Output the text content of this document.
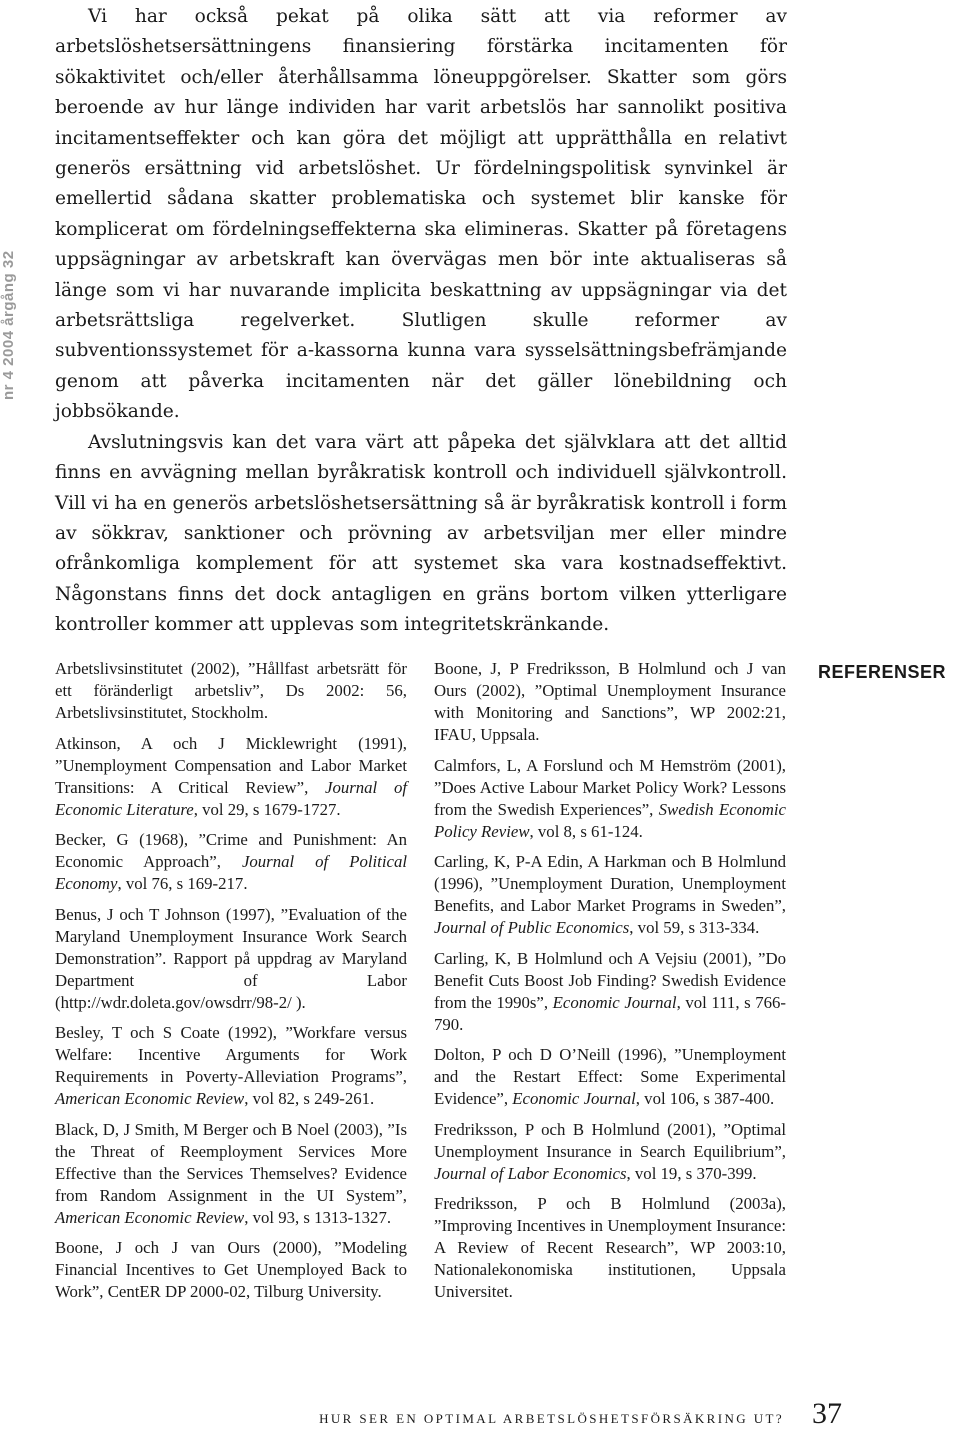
nr 4 2004 årgång 32

Vi har också pekat på olika sätt att via reformer av arbetslöshetsersättningens finansiering förstärka incitamenten för sökaktivitet och/eller återhållsamma löneuppgörelser. Skatter som görs beroende av hur länge individen har varit arbetslös har sannolikt positiva incitamentseffekter och kan göra det möjligt att upprätthålla en relativt generös ersättning vid arbetslöshet. Ur fördelningspolitisk synvinkel är emellertid sådana skatter problematiska och systemet blir kanske för komplicerat om fördelningseffekterna ska elimineras. Skatter på företagens uppsägningar av arbetskraft kan övervägas men bör inte aktualiseras så länge som vi har nuvarande implicita beskattning av uppsägningar via det arbetsrättsliga regelverket. Slutligen skulle reformer av subventionssystemet för a-kassorna kunna vara sysselsättningsbefrämjande genom att påverka incitamenten när det gäller lönebildning och jobbsökande.

Avslutningsvis kan det vara värt att påpeka det självklara att det alltid finns en avvägning mellan byråkratisk kontroll och individuell självkontroll. Vill vi ha en generös arbetslöshetsersättning så är byråkratisk kontroll i form av sökkrav, sanktioner och prövning av arbetsviljan mer eller mindre ofrånkomliga komplement för att systemet ska vara kostnadseffektivt. Någonstans finns det dock antagligen en gräns bortom vilken ytterligare kontroller kommer att upplevas som integritetskränkande.

Arbetslivsinstitutet (2002), ”Hållfast arbetsrätt för ett föränderligt arbetsliv”, Ds 2002: 56, Arbetslivsinstitutet, Stockholm.

Atkinson, A och J Micklewright (1991), ”Unemployment Compensation and Labor Market Transitions: A Critical Review”, Journal of Economic Literature, vol 29, s 1679-1727.

Becker, G (1968), ”Crime and Punishment: An Economic Approach”, Journal of Political Economy, vol 76, s 169-217.

Benus, J och T Johnson (1997), ”Evaluation of the Maryland Unemployment Insurance Work Search Demonstration”. Rapport på uppdrag av Maryland Department of Labor (http://wdr.doleta.gov/owsdrr/98-2/ ).

Besley, T och S Coate (1992), ”Workfare versus Welfare: Incentive Arguments for Work Requirements in Poverty-Alleviation Programs”, American Economic Review, vol 82, s 249-261.

Black, D, J Smith, M Berger och B Noel (2003), ”Is the Threat of Reemployment Services More Effective than the Services Themselves? Evidence from Random Assignment in the UI System”, American Economic Review, vol 93, s 1313-1327.

Boone, J och J van Ours (2000), ”Modeling Financial Incentives to Get Unemployed Back to Work”, CentER DP 2000-02, Tilburg University.

Boone, J, P Fredriksson, B Holmlund och J van Ours (2002), ”Optimal Unemployment Insurance with Monitoring and Sanctions”, WP 2002:21, IFAU, Uppsala.

Calmfors, L, A Forslund och M Hemström (2001), ”Does Active Labour Market Policy Work? Lessons from the Swedish Experiences”, Swedish Economic Policy Review, vol 8, s 61-124.

Carling, K, P-A Edin, A Harkman och B Holmlund (1996), ”Unemployment Duration, Unemployment Benefits, and Labor Market Programs in Sweden”, Journal of Public Economics, vol 59, s 313-334.

Carling, K, B Holmlund och A Vejsiu (2001), ”Do Benefit Cuts Boost Job Finding? Swedish Evidence from the 1990s”, Economic Journal, vol 111, s 766-790.

Dolton, P och D O’Neill (1996), ”Unemployment and the Restart Effect: Some Experimental Evidence”, Economic Journal, vol 106, s 387-400.

Fredriksson, P och B Holmlund (2001), ”Optimal Unemployment Insurance in Search Equilibrium”, Journal of Labor Economics, vol 19, s 370-399.

Fredriksson, P och B Holmlund (2003a), ”Improving Incentives in Unemployment Insurance: A Review of Recent Research”, WP 2003:10, Nationalekonomiska institutionen, Uppsala Universitet.

REFERENSER
HUR SER EN OPTIMAL ARBETSLÖSHETSFÖRSÄKRING UT? 37
